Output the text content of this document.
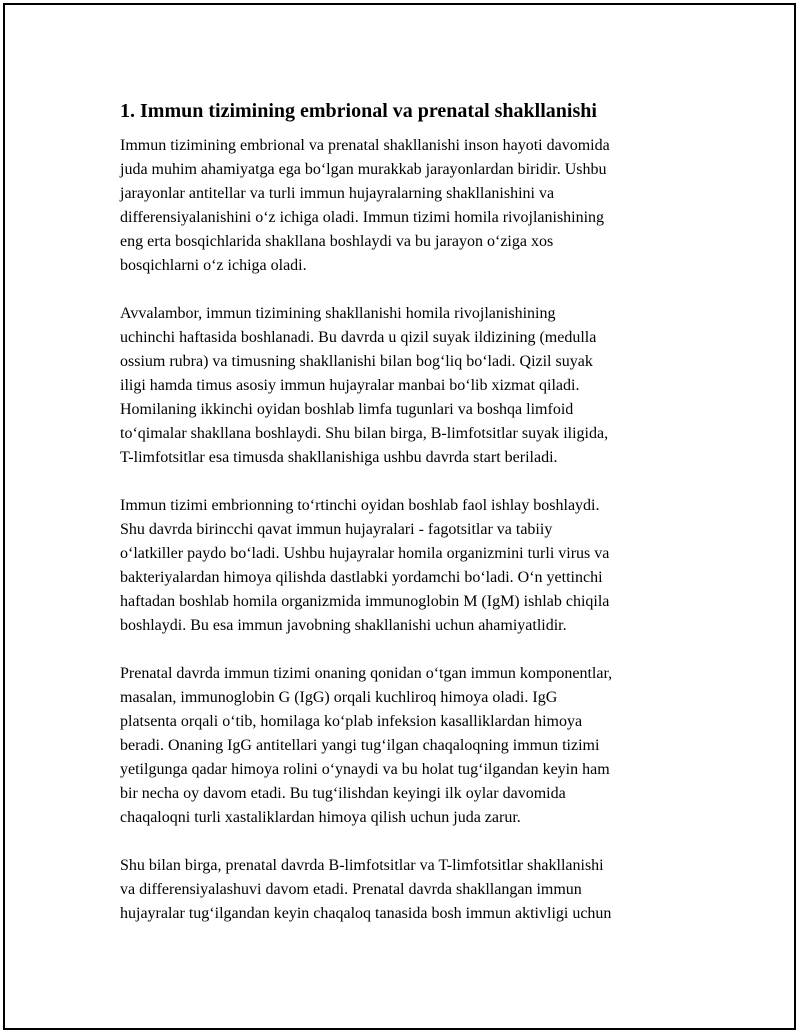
1. Immun tizimining embrional va prenatal shakllanishi

Immun tizimining embrional va prenatal shakllanishi inson hayoti davomida
juda muhim ahamiyatga ega bo‘lgan murakkab jarayonlardan biridir. Ushbu
jarayonlar antitellar va turli immun hujayralarning shakllanishini va
differensiyalanishini o‘z ichiga oladi. Immun tizimi homila rivojlanishining
eng erta bosqichlarida shakllana boshlaydi va bu jarayon o‘ziga xos
bosqichlarni o‘z ichiga oladi.

Avvalambor, immun tizimining shakllanishi homila rivojlanishining
uchinchi haftasida boshlanadi. Bu davrda u qizil suyak ildizining (medulla
ossium rubra) va timusning shakllanishi bilan bog‘liq bo‘ladi. Qizil suyak
iligi hamda timus asosiy immun hujayralar manbai bo‘lib xizmat qiladi.
Homilaning ikkinchi oyidan boshlab limfa tugunlari va boshqa limfoid
to‘qimalar shakllana boshlaydi. Shu bilan birga, B-limfotsitlar suyak iligida,
T-limfotsitlar esa timusda shakllanishiga ushbu davrda start beriladi.

Immun tizimi embrionning to‘rtinchi oyidan boshlab faol ishlay boshlaydi.
Shu davrda birincchi qavat immun hujayralari - fagotsitlar va tabiiy
o‘latkiller paydo bo‘ladi. Ushbu hujayralar homila organizmini turli virus va
bakteriyalardan himoya qilishda dastlabki yordamchi bo‘ladi. O‘n yettinchi
haftadan boshlab homila organizmida immunoglobin M (IgM) ishlab chiqila
boshlaydi. Bu esa immun javobning shakllanishi uchun ahamiyatlidir.

Prenatal davrda immun tizimi onaning qonidan o‘tgan immun komponentlar,
masalan, immunoglobin G (IgG) orqali kuchliroq himoya oladi. IgG
platsenta orqali o‘tib, homilaga ko‘plab infeksion kasalliklardan himoya
beradi. Onaning IgG antitellari yangi tug‘ilgan chaqaloqning immun tizimi
yetilgunga qadar himoya rolini o‘ynaydi va bu holat tug‘ilgandan keyin ham
bir necha oy davom etadi. Bu tug‘ilishdan keyingi ilk oylar davomida
chaqaloqni turli xastaliklardan himoya qilish uchun juda zarur.

Shu bilan birga, prenatal davrda B-limfotsitlar va T-limfotsitlar shakllanishi
va differensiyalashuvi davom etadi. Prenatal davrda shakllangan immun
hujayralar tug‘ilgandan keyin chaqaloq tanasida bosh immun aktivligi uchun
